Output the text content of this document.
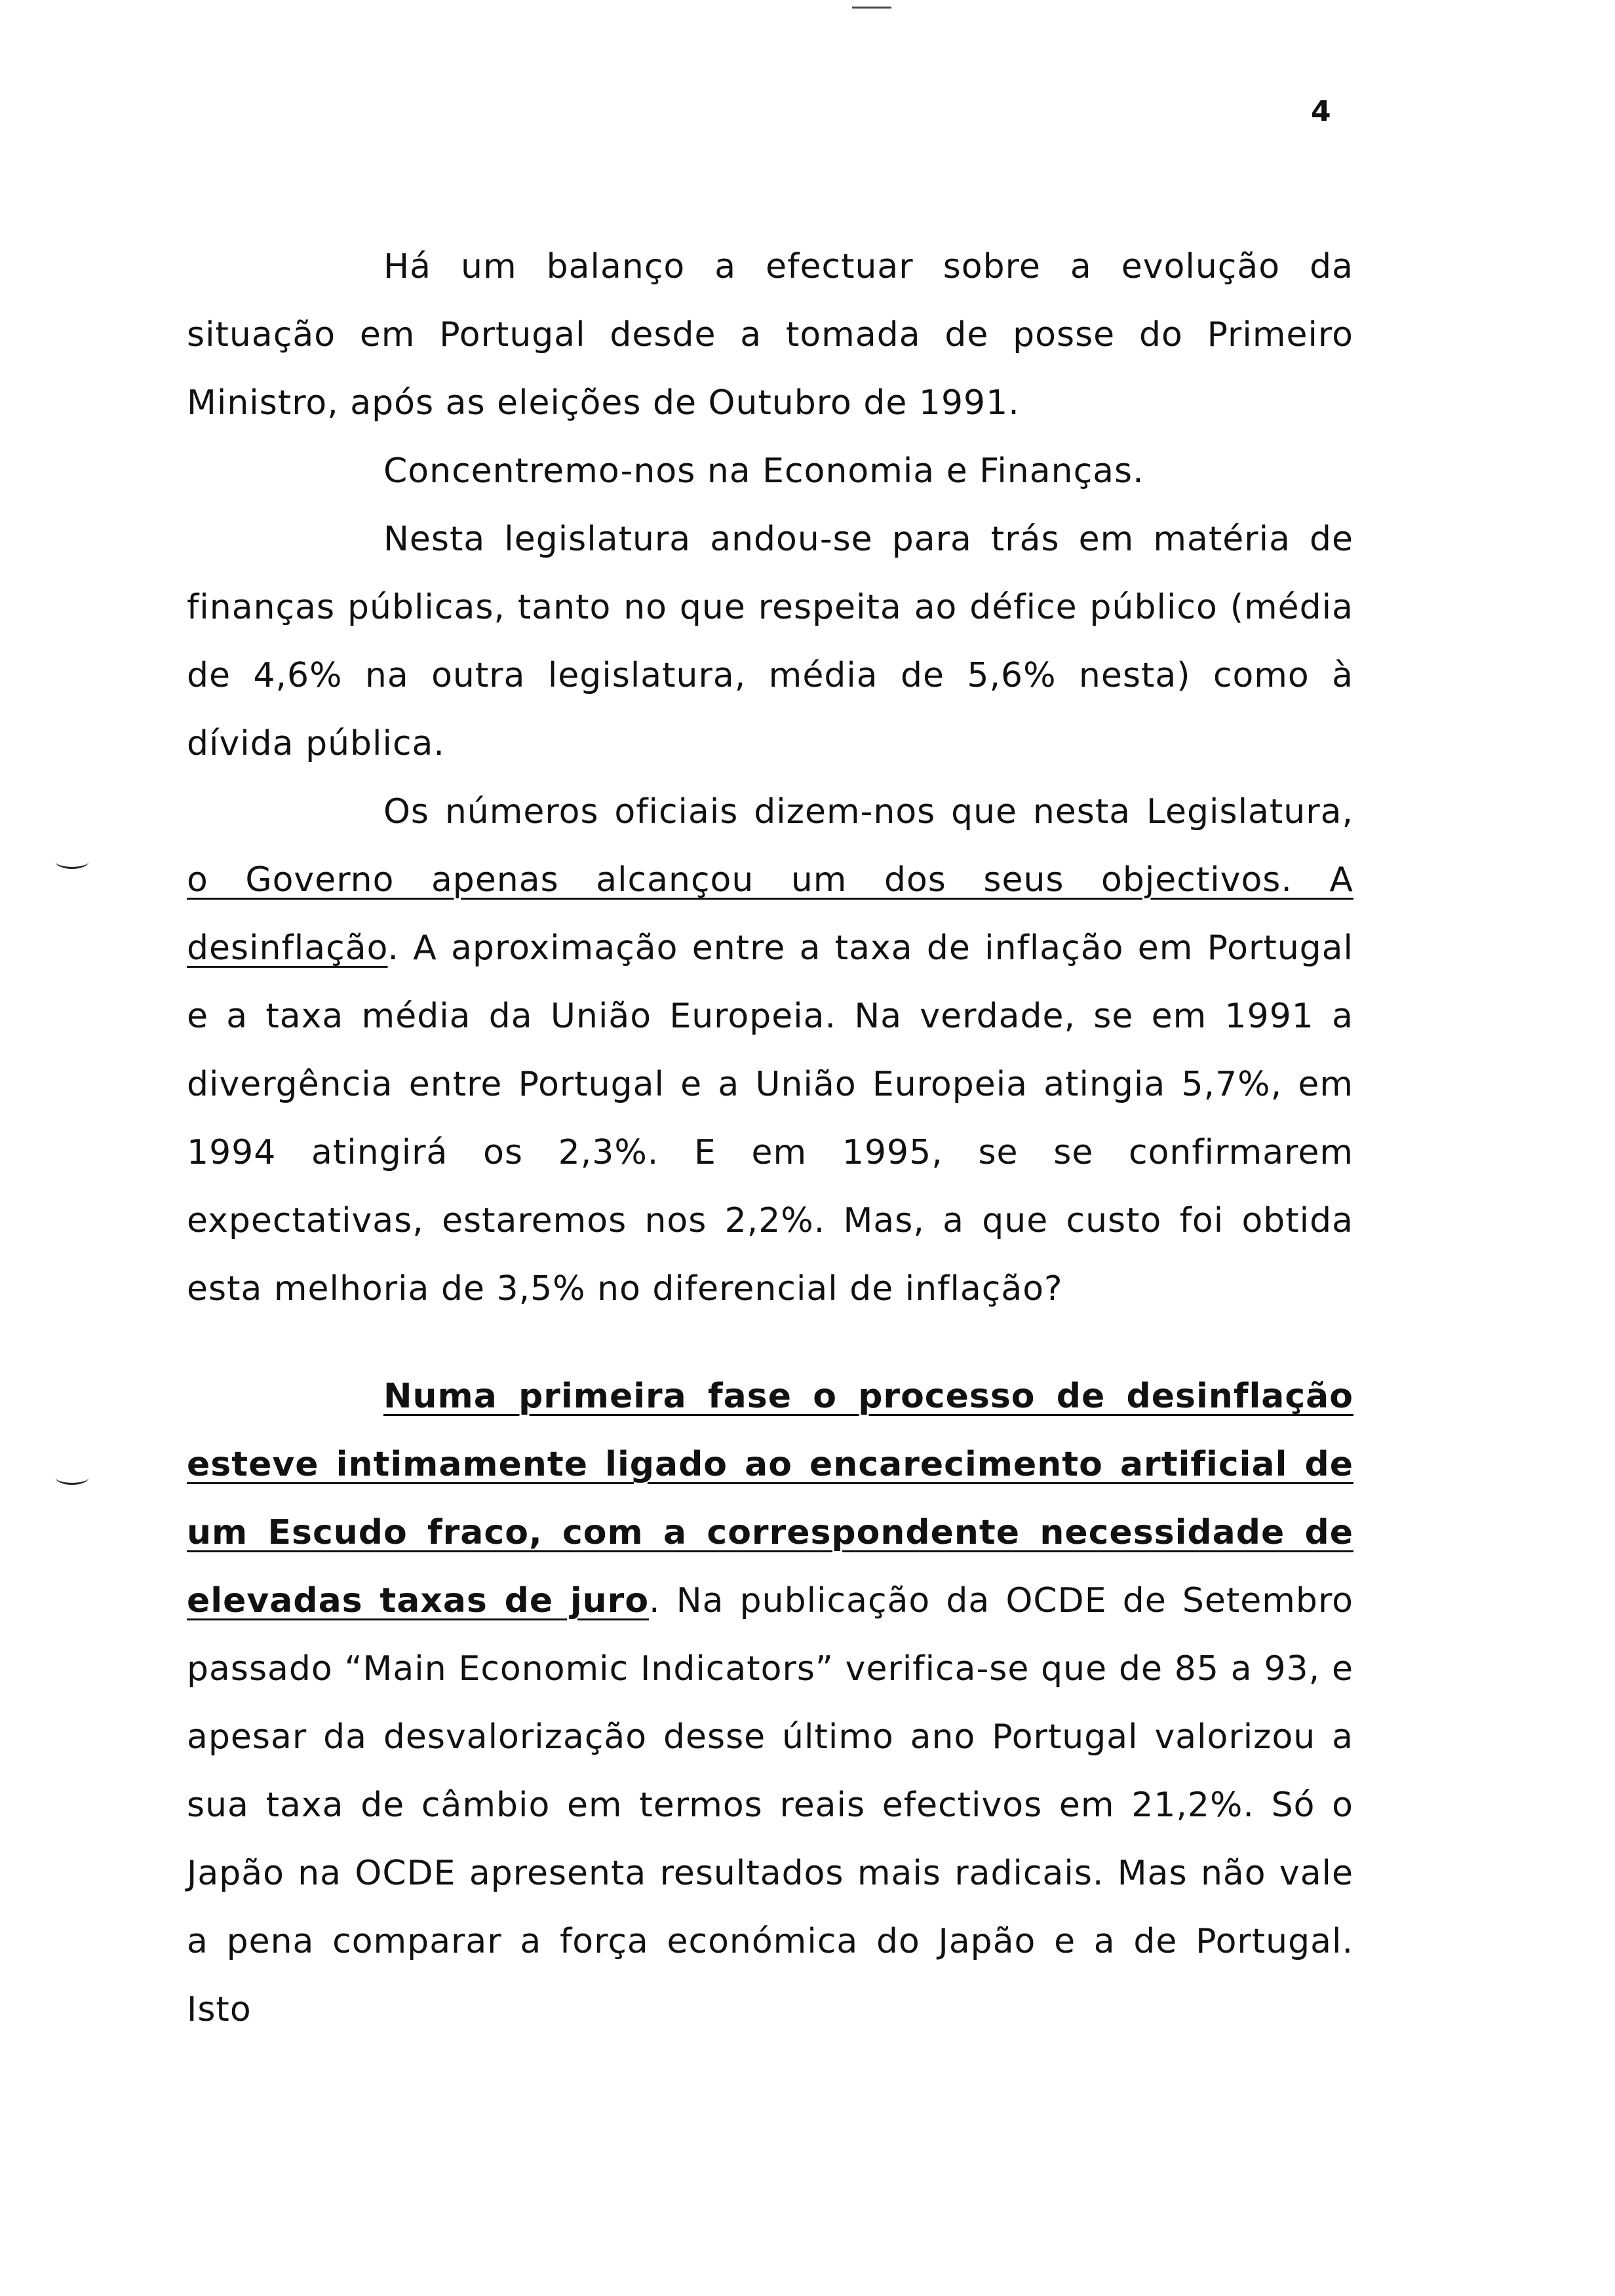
4

Há um balanço a efectuar sobre a evolução da situação em Portugal desde a tomada de posse do Primeiro Ministro, após as eleições de Outubro de 1991.

Concentremo-nos na Economia e Finanças.

Nesta legislatura andou-se para trás em matéria de finanças públicas, tanto no que respeita ao défice público (média de 4,6% na outra legislatura, média de 5,6% nesta) como à dívida pública.

Os números oficiais dizem-nos que nesta Legislatura, o Governo apenas alcançou um dos seus objectivos. A desinflação. A aproximação entre a taxa de inflação em Portugal e a taxa média da União Europeia. Na verdade, se em 1991 a divergência entre Portugal e a União Europeia atingia 5,7%, em 1994 atingirá os 2,3%. E em 1995, se se confirmarem expectativas, estaremos nos 2,2%. Mas, a que custo foi obtida esta melhoria de 3,5% no diferencial de inflação?

Numa primeira fase o processo de desinflação esteve intimamente ligado ao encarecimento artificial de um Escudo fraco, com a correspondente necessidade de elevadas taxas de juro. Na publicação da OCDE de Setembro passado “Main Economic Indicators” verifica-se que de 85 a 93, e apesar da desvalorização desse último ano Portugal valorizou a sua taxa de câmbio em termos reais efectivos em 21,2%. Só o Japão na OCDE apresenta resultados mais radicais. Mas não vale a pena comparar a força económica do Japão e a de Portugal. Isto
